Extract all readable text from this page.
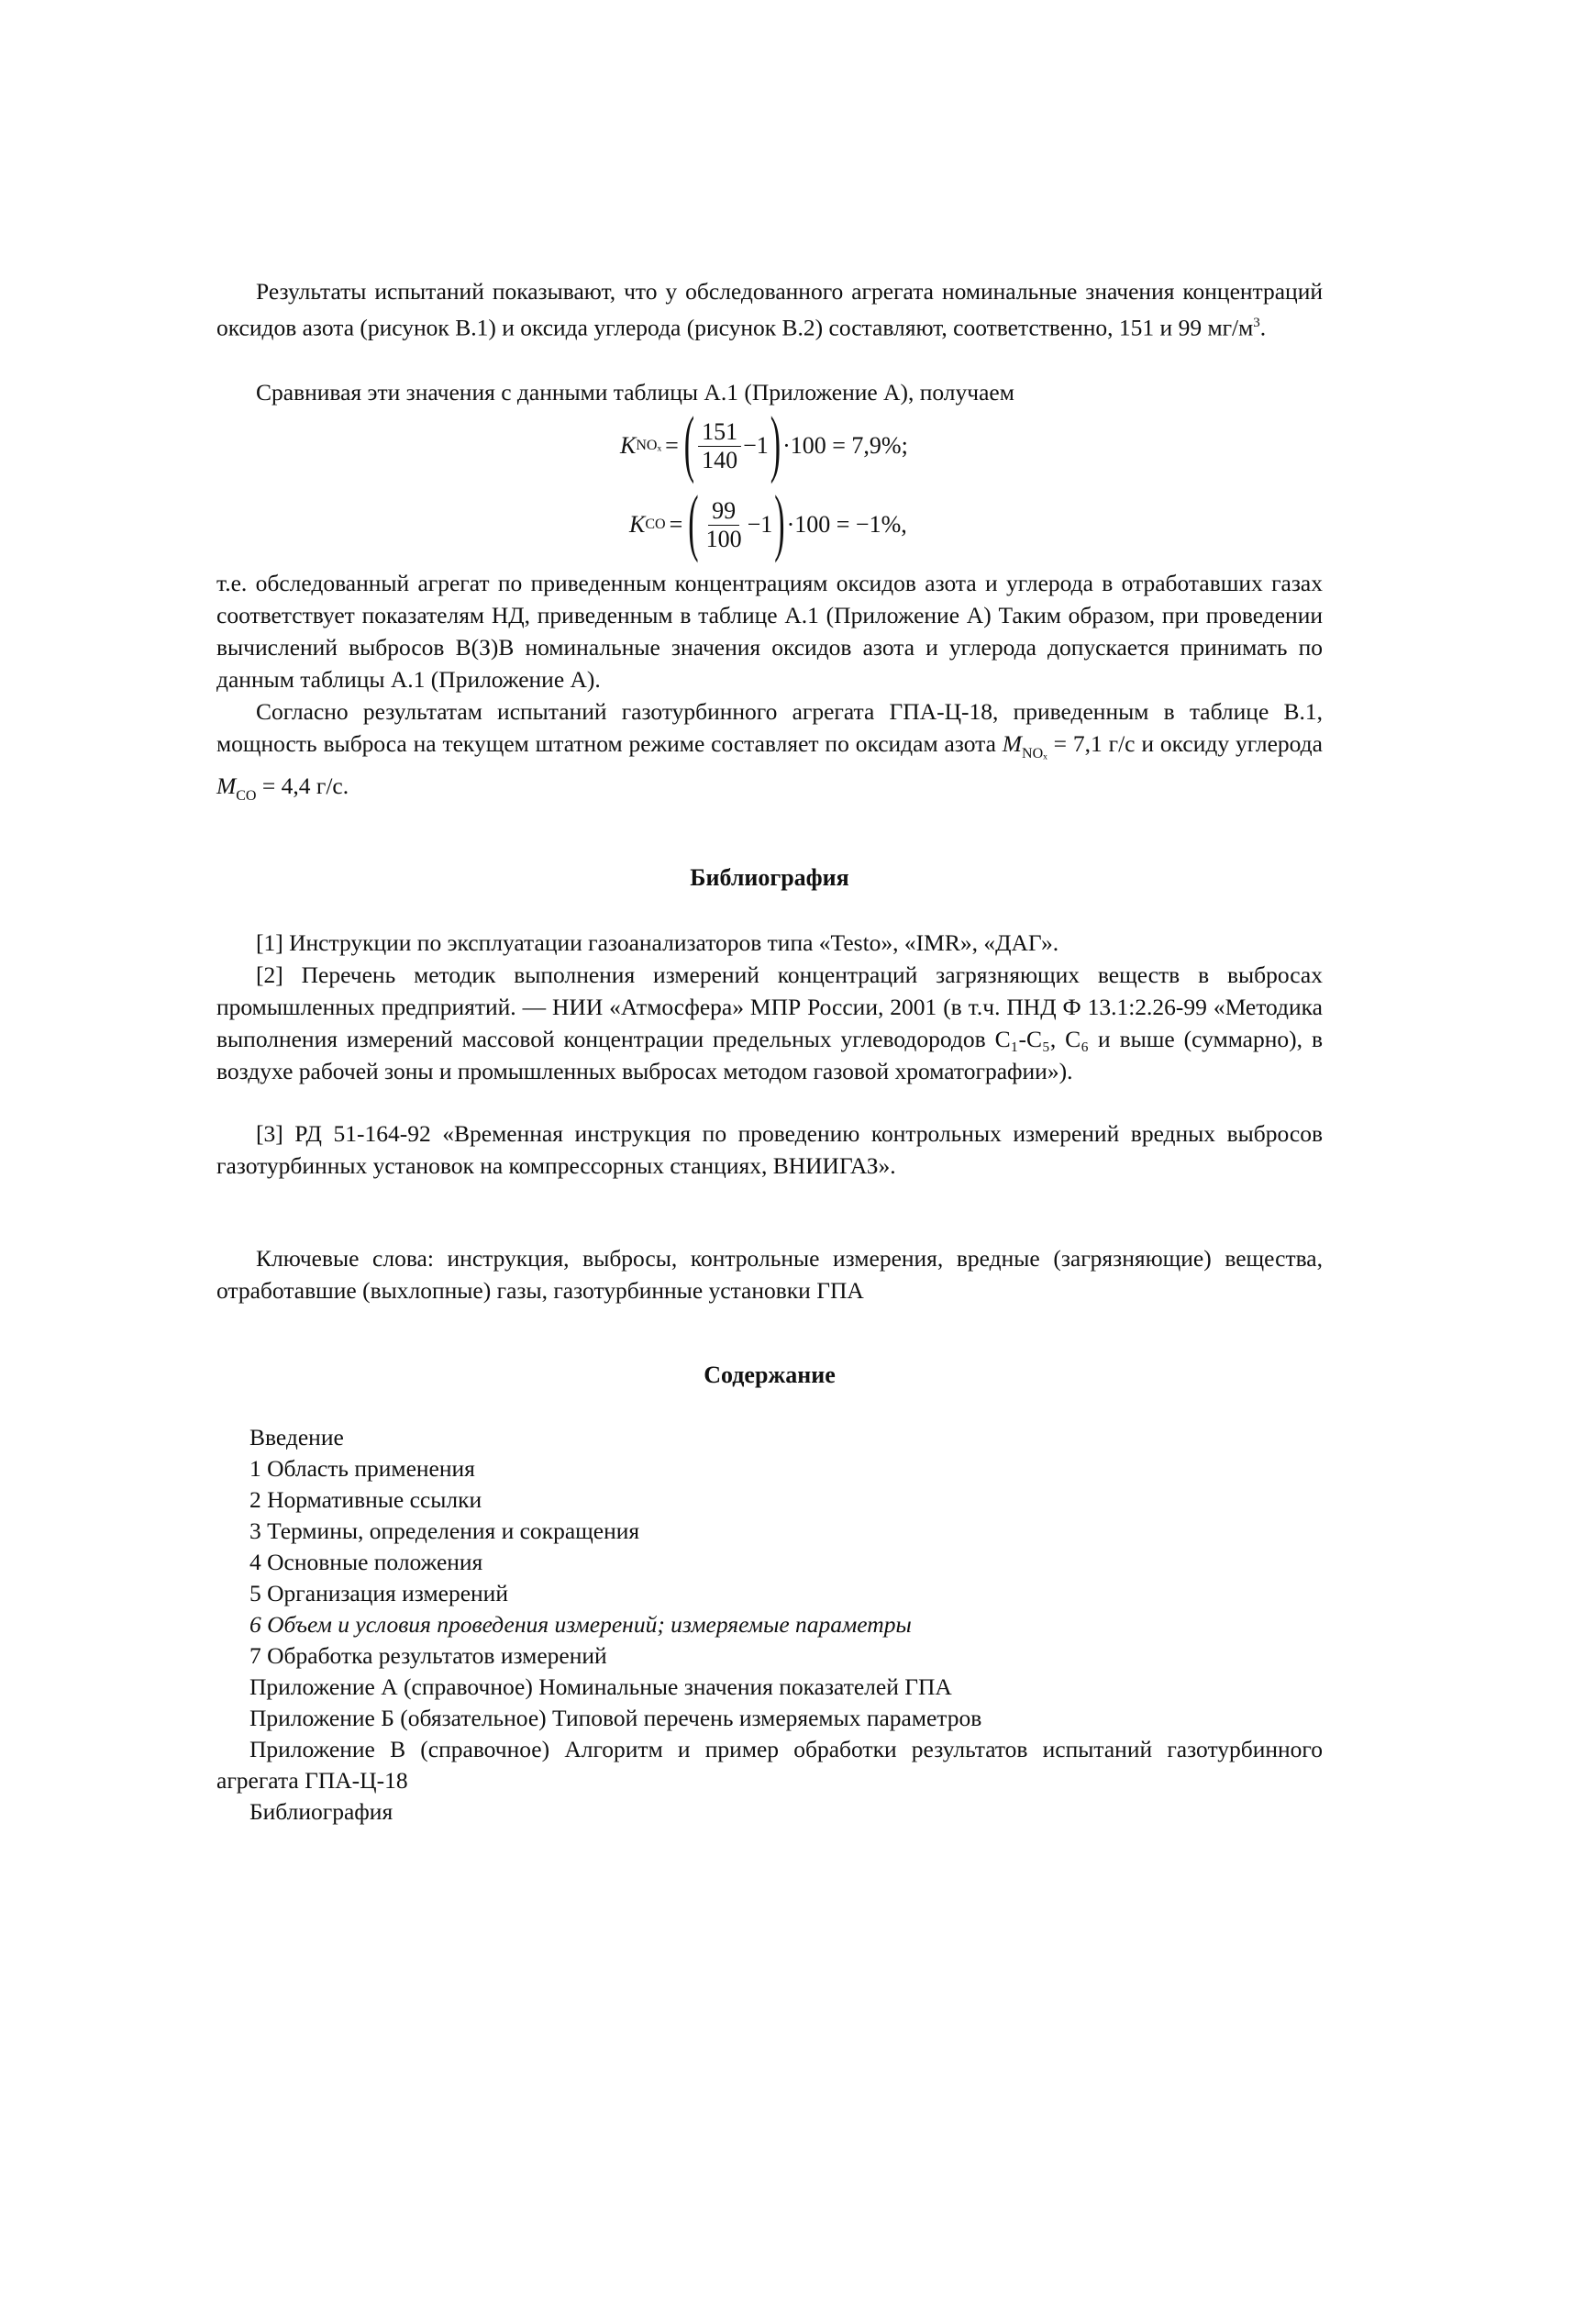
Результаты испытаний показывают, что у обследованного агрегата номинальные значения концентраций оксидов азота (рисунок В.1) и оксида углерода (рисунок В.2) составляют, соответственно, 151 и 99 $мг/м^3$.
Сравнивая эти значения с данными таблицы А.1 (Приложение А), получаем
K NOₓ = ( $\frac{151}{140} -1$ ) ·100 = 7,9%;
K CO = ( $\frac{99}{100} -1$ ) ·100 = −1%,
т.е. обследованный агрегат по приведенным концентрациям оксидов азота и углерода в отработавших газах соответствует показателям НД, приведенным в таблице А.1 (Приложение А) Таким образом, при проведении вычислений выбросов В(З)В номинальные значения оксидов азота и углерода допускается принимать по данным таблицы А.1 (Приложение А).
Согласно результатам испытаний газотурбинного агрегата ГПА-Ц-18, приведенным в таблице В.1, мощность выброса на текущем штатном режиме составляет по оксидам азота $M_{NO_x} = 7,1$ г/с и оксиду углерода $M_{CO} = 4,4$ г/с.
Библиография
[1] Инструкции по эксплуатации газоанализаторов типа «Testo», «IMR», «ДАГ».
[2] Перечень методик выполнения измерений концентраций загрязняющих веществ в выбросах промышленных предприятий. — НИИ «Атмосфера» МПР России, 2001 (в т.ч. ПНД Ф 13.1:2.26-99 «Методика выполнения измерений массовой концентрации предельных углеводородов C₁-C₅, C₆ и выше (суммарно), в воздухе рабочей зоны и промышленных выбросах методом газовой хроматографии»).
[3] РД 51-164-92 «Временная инструкция по проведению контрольных измерений вредных выбросов газотурбинных установок на компрессорных станциях, ВНИИГАЗ».
Ключевые слова: инструкция, выбросы, контрольные измерения, вредные (загрязняющие) вещества, отработавшие (выхлопные) газы, газотурбинные установки ГПА
Содержание
Введение
1 Область применения
2 Нормативные ссылки
3 Термины, определения и сокращения
4 Основные положения
5 Организация измерений
6 Объем и условия проведения измерений; измеряемые параметры
7 Обработка результатов измерений
Приложение А (справочное) Номинальные значения показателей ГПА
Приложение Б (обязательное) Типовой перечень измеряемых параметров
Приложение В (справочное) Алгоритм и пример обработки результатов испытаний газотурбинного агрегата ГПА-Ц-18
Библиография
